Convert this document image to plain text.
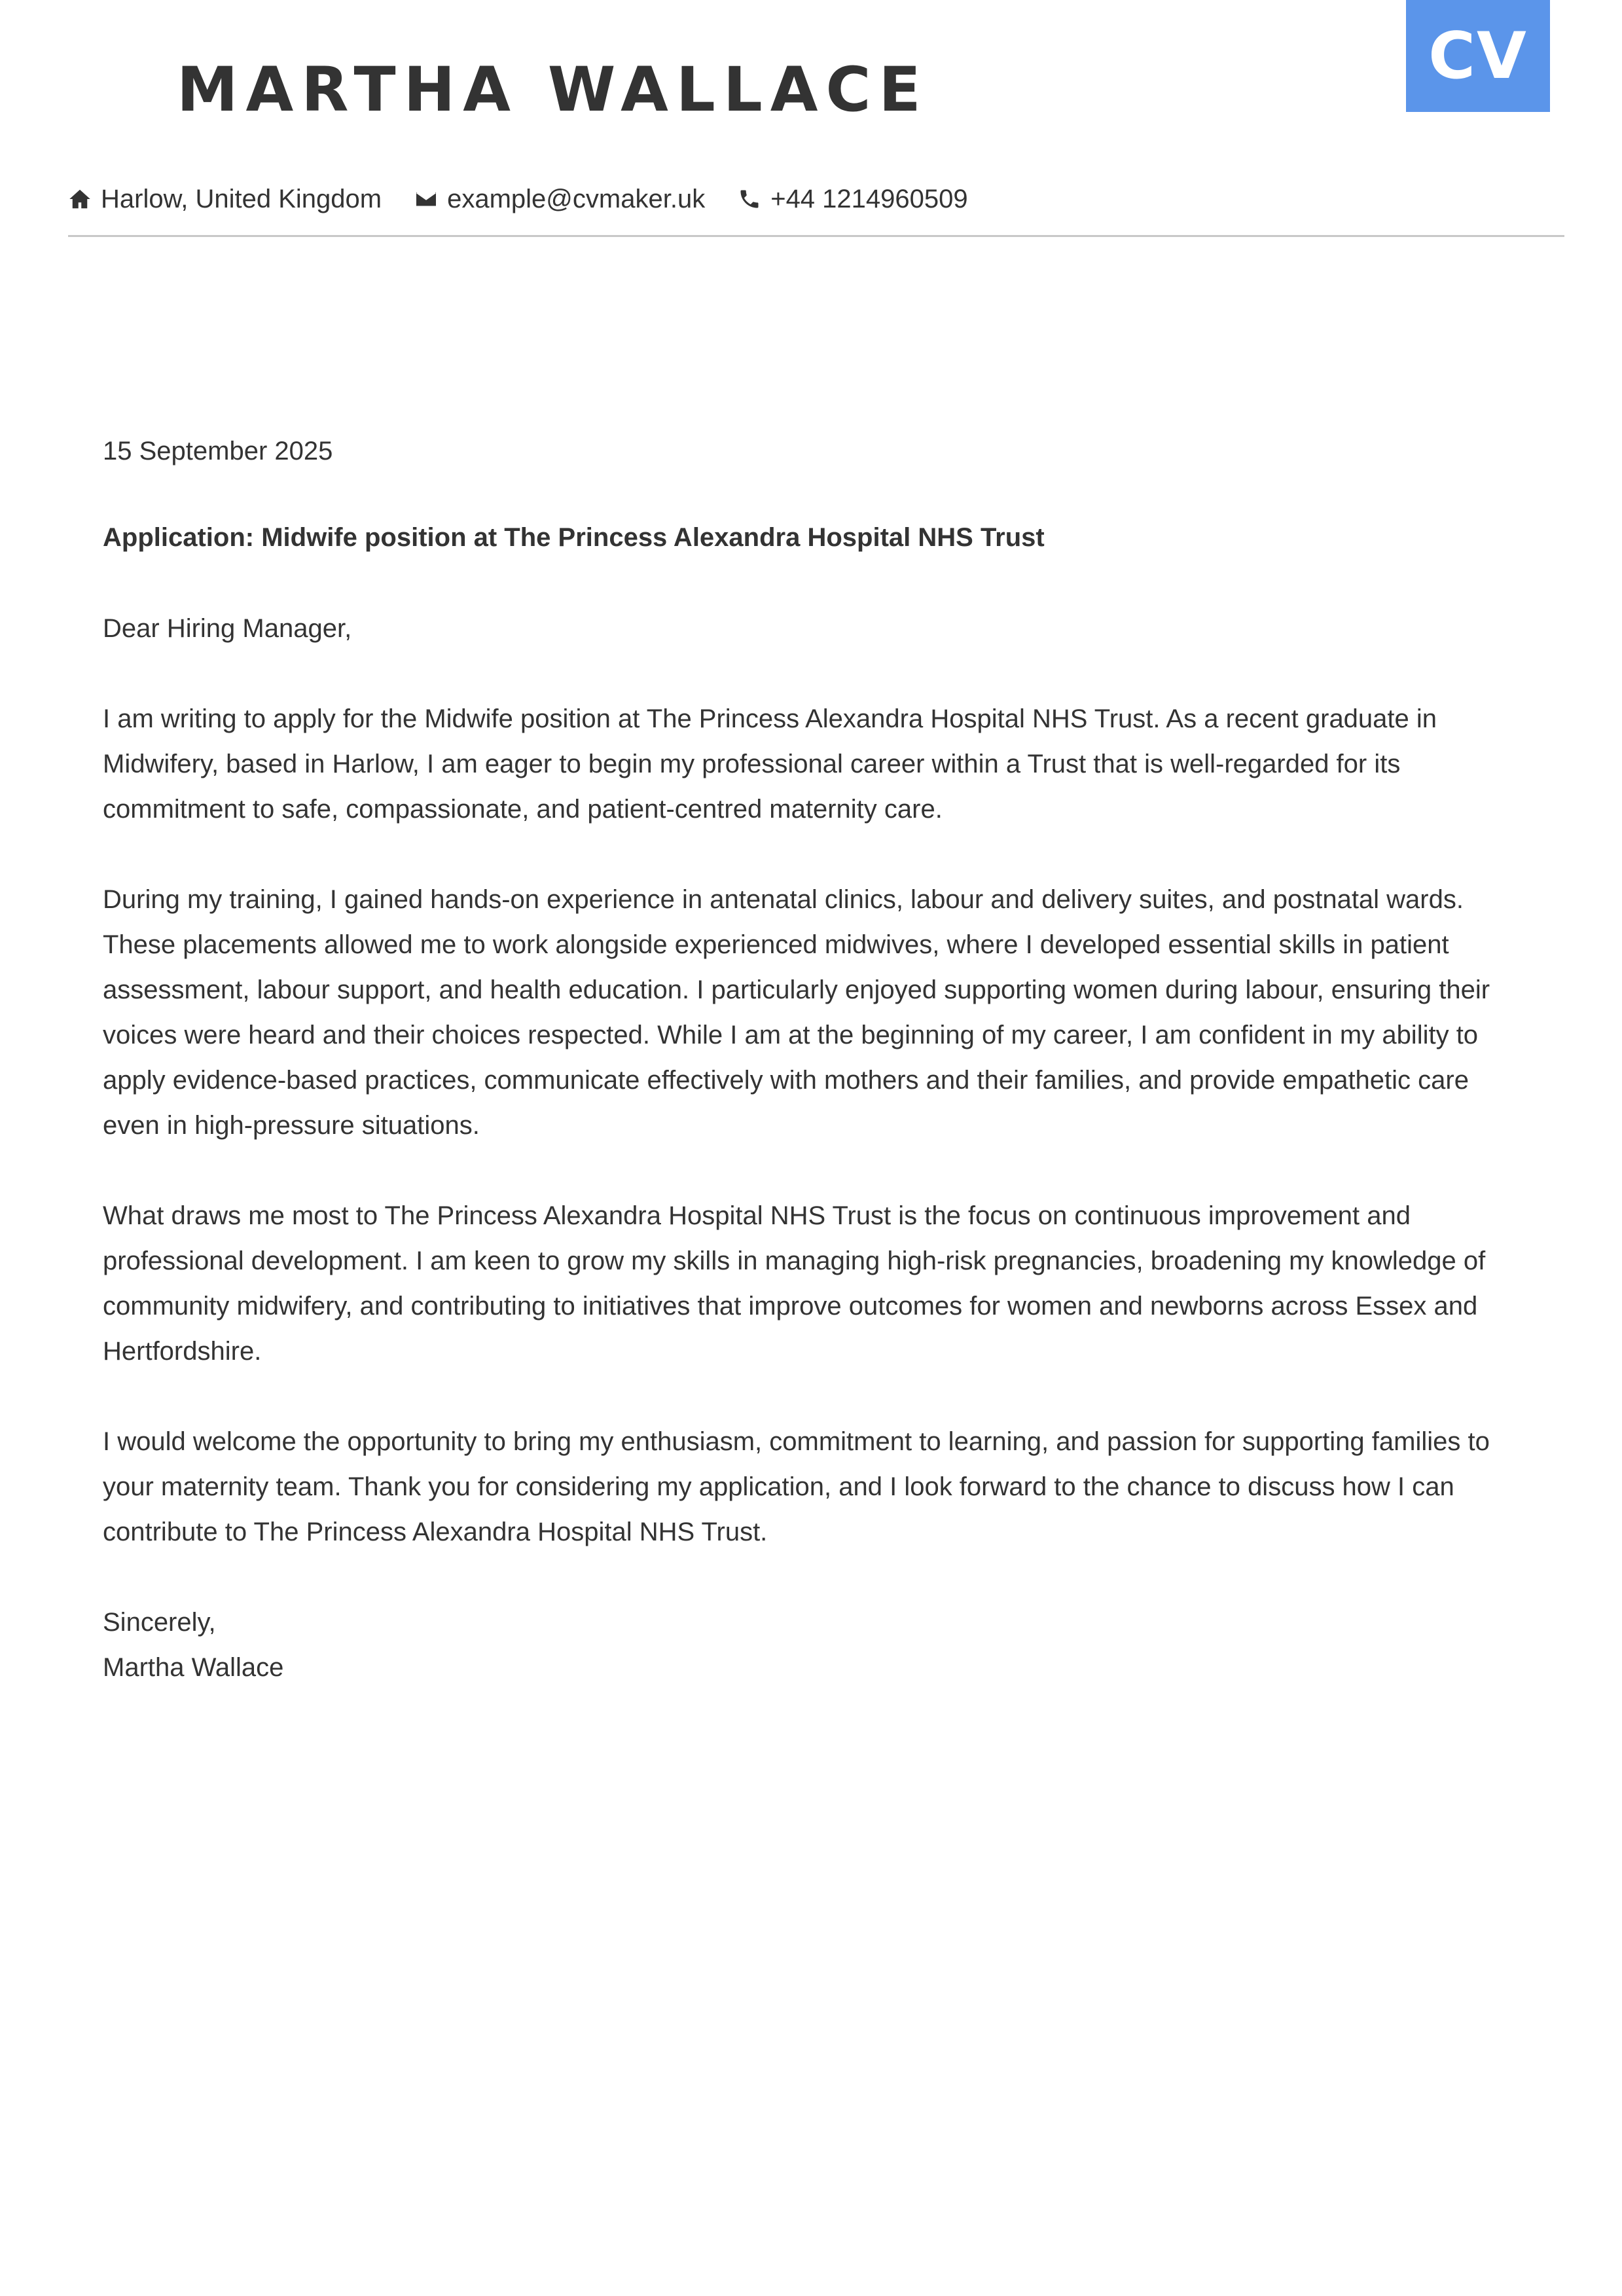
MARTHA WALLACE	CV
Harlow, United Kingdom	example@cvmaker.uk	+44 1214960509

15 September 2025

Application: Midwife position at The Princess Alexandra Hospital NHS Trust

Dear Hiring Manager,

I am writing to apply for the Midwife position at The Princess Alexandra Hospital NHS Trust. As a recent graduate in Midwifery, based in Harlow, I am eager to begin my professional career within a Trust that is well-regarded for its commitment to safe, compassionate, and patient-centred maternity care.

During my training, I gained hands-on experience in antenatal clinics, labour and delivery suites, and postnatal wards. These placements allowed me to work alongside experienced midwives, where I developed essential skills in patient assessment, labour support, and health education. I particularly enjoyed supporting women during labour, ensuring their voices were heard and their choices respected. While I am at the beginning of my career, I am confident in my ability to apply evidence-based practices, communicate effectively with mothers and their families, and provide empathetic care even in high-pressure situations.

What draws me most to The Princess Alexandra Hospital NHS Trust is the focus on continuous improvement and professional development. I am keen to grow my skills in managing high-risk pregnancies, broadening my knowledge of community midwifery, and contributing to initiatives that improve outcomes for women and newborns across Essex and Hertfordshire.

I would welcome the opportunity to bring my enthusiasm, commitment to learning, and passion for supporting families to your maternity team. Thank you for considering my application, and I look forward to the chance to discuss how I can contribute to The Princess Alexandra Hospital NHS Trust.

Sincerely,

Martha Wallace
